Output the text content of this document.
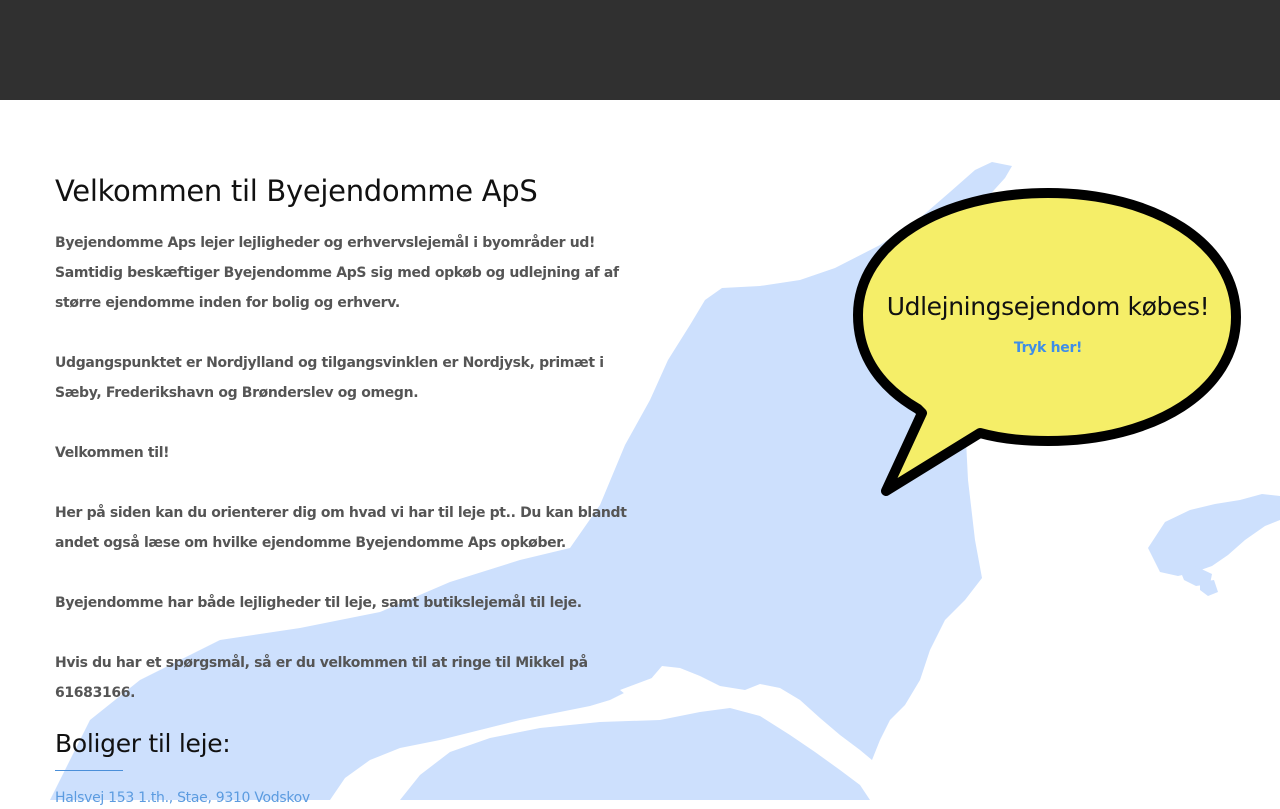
Velkommen til Byejendomme ApS

Byejendomme Aps lejer lejligheder og erhvervslejemål i byområder ud! Samtidig beskæftiger Byejendomme ApS sig med opkøb og udlejning af af større ejendomme inden for bolig og erhverv.

Udgangspunktet er Nordjylland og tilgangsvinklen er Nordjysk, primæt i Sæby, Frederikshavn og Brønderslev og omegn.

Velkommen til!

Her på siden kan du orienterer dig om hvad vi har til leje pt.. Du kan blandt andet også læse om hvilke ejendomme Byejendomme Aps opkøber.

Byejendomme har både lejligheder til leje, samt butikslejemål til leje.

Hvis du har et spørgsmål, så er du velkommen til at ringe til Mikkel på 61683166.

Boliger til leje:
Halsvej 153 1.th., Stae, 9310 Vodskov
Udlejningsejendom købes!
Tryk her!
